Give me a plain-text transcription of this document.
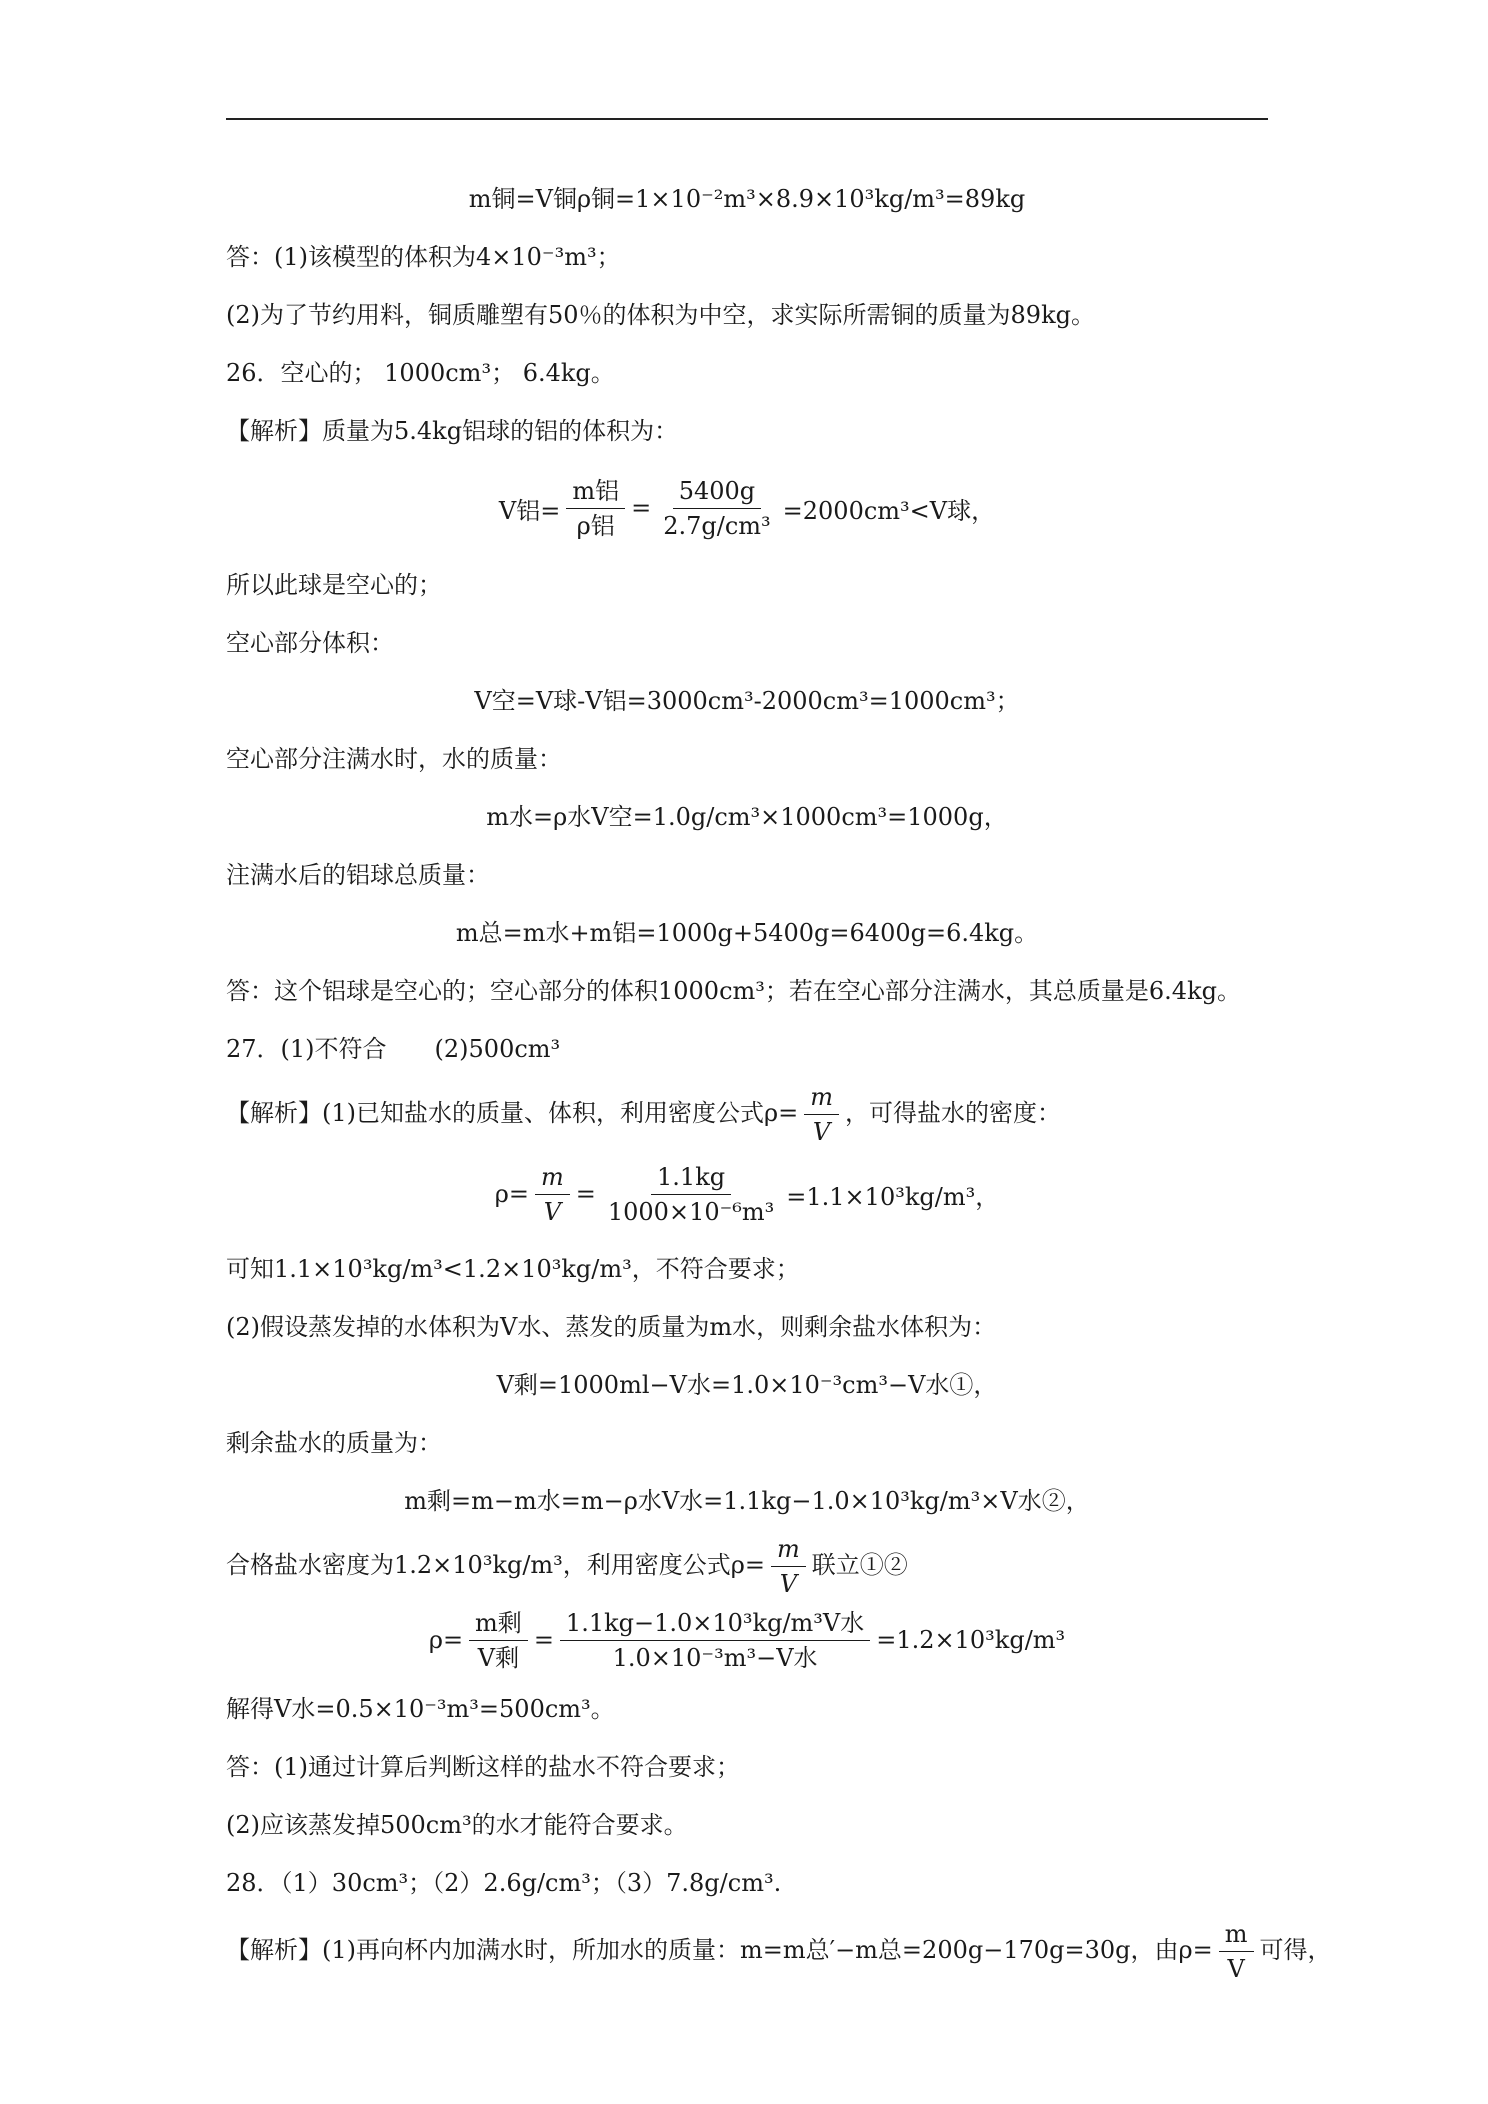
m铜=V铜ρ铜=1×10⁻²m³×8.9×10³kg/m³=89kg
答：(1)该模型的体积为4×10⁻³m³；
(2)为了节约用料，铜质雕塑有50％的体积为中空，求实际所需铜的质量为89kg。
26．空心的； 1000cm³； 6.4kg。
【解析】质量为5.4kg铝球的铝的体积为：
V铝= $\frac{\text{m铝}}{\text{ρ铝}} = \frac{5400g}{\text{2.7g/cm³}} =2000cm^3<V$球，
所以此球是空心的；
空心部分体积：
V空=V球-V铝=3000cm³-2000cm³=1000cm³；
空心部分注满水时，水的质量：
m水=ρ水V空=1.0g/cm³×1000cm³=1000g，
注满水后的铝球总质量：
m总=m水+m铝=1000g+5400g=6400g=6.4kg。
答：这个铝球是空心的；空心部分的体积1000cm³；若在空心部分注满水，其总质量是6.4kg。
27．(1)不符合　　(2)500cm³
【解析】(1)已知盐水的质量、体积，利用密度公式$\rho= \frac{m}{V}$ ，可得盐水的密度：
$\rho= \frac{m}{V} = \frac{1.1kg}{\text{1000×10⁻⁶m³}} =1.1\times 10^3kg/m^3$，
可知1.1×10³kg/m³<1.2×10³kg/m³，不符合要求；
(2)假设蒸发掉的水体积为V水、蒸发的质量为m水，则剩余盐水体积为：
V剩=1000ml−V水=1.0×10⁻³cm³−V水①，
剩余盐水的质量为：
m剩=m−m水=m−ρ水V水=1.1kg−1.0×10³kg/m³×V水②，
合格盐水密度为1.2×10³kg/m³，利用密度公式$\rho= \frac{m}{V}$ 联立①②
$\rho= \frac{\text{m剩}}{\text{V剩}} = \frac{\text{1.1kg−1.0×10³kg/m³V水}}{\text{1.0×10⁻³m³−V水}} =1.2\times 10^3kg/m^3$
解得V水=0.5×10⁻³m³=500cm³。
答：(1)通过计算后判断这样的盐水不符合要求；
(2)应该蒸发掉500cm³的水才能符合要求。
28．（1）30cm³；（2）2.6g/cm³；（3）7.8g/cm³.
【解析】(1)再向杯内加满水时，所加水的质量：m=m总′−m总=200g−170g=30g，由$\rho= \frac{m}{V}$ 可得，
